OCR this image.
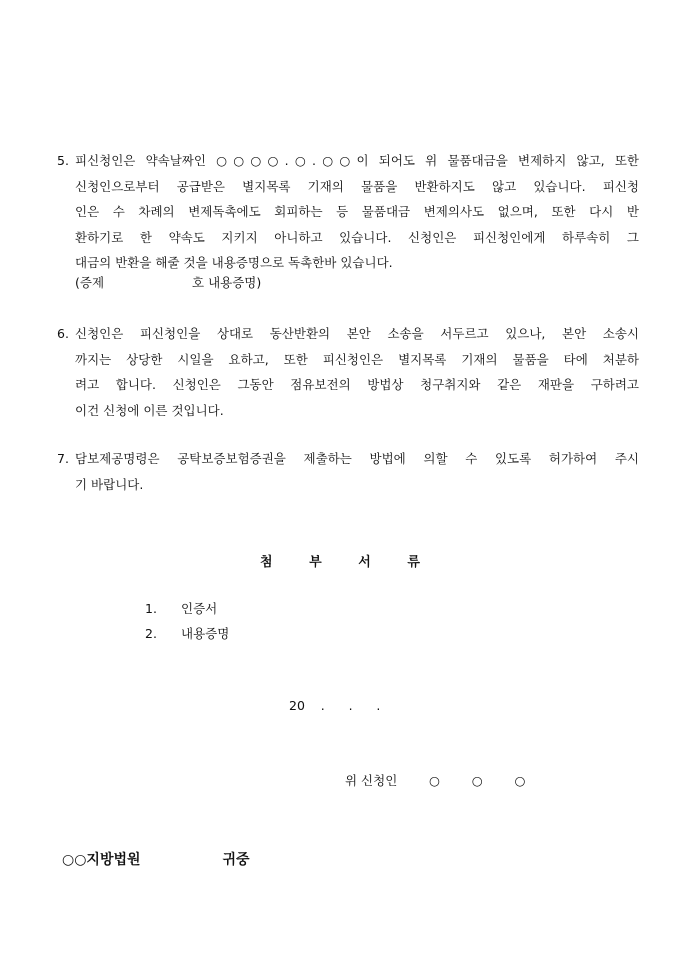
5. 피신청인은 약속날짜인 ○○○○.○.○○이 되어도 위 물품대금을 변제하지 않고, 또한
신청인으로부터 공급받은 별지목록 기재의 물품을 반환하지도 않고 있습니다. 피신청
인은 수 차례의 변제독촉에도 회피하는 등 물품대금 변제의사도 없으며, 또한 다시 반
환하기로 한 약속도 지키지 아니하고 있습니다. 신청인은 피신청인에게 하루속히 그
대금의 반환을 해줄 것을 내용증명으로 독촉한바 있습니다.
(증제	호 내용증명)
6. 신청인은 피신청인을 상대로 동산반환의 본안 소송을 서두르고 있으나, 본안 소송시
까지는 상당한 시일을 요하고, 또한 피신청인은 별지목록 기재의 물품을 타에 처분하
려고 합니다. 신청인은 그동안 점유보전의 방법상 청구취지와 같은 재판을 구하려고
이건 신청에 이른 것입니다.
7. 담보제공명령은 공탁보증보험증권을 제출하는 방법에 의할 수 있도록 허가하여 주시
기 바랍니다.
첨	부	서	류
1. 인증서
2. 내용증명
20    .      .      .
위 신청인        ○        ○        ○
○○지방법원	귀중
